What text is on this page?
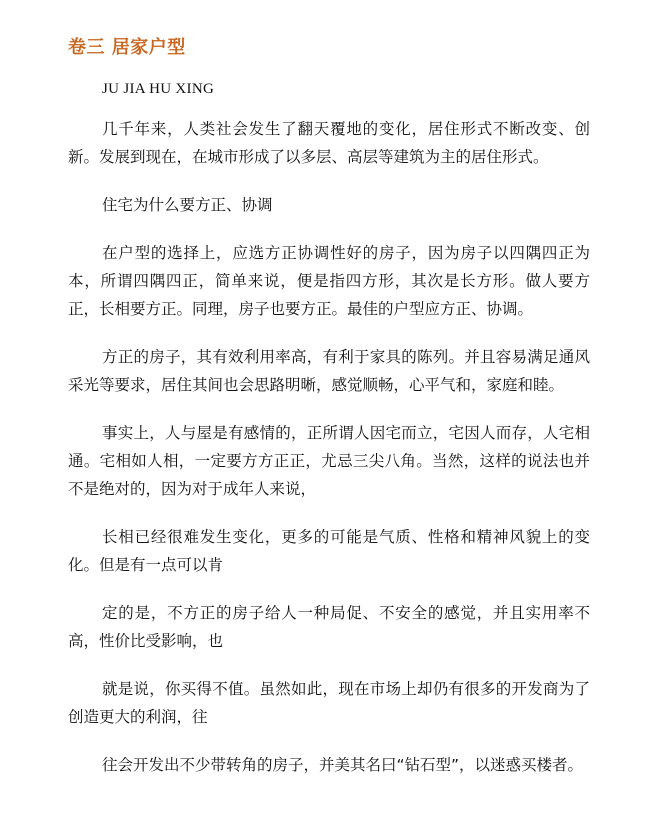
卷三 居家户型
JU JIA HU XING

几千年来，人类社会发生了翻天覆地的变化，居住形式不断改变、创新。发展到现在，在城市形成了以多层、高层等建筑为主的居住形式。

住宅为什么要方正、协调

在户型的选择上，应选方正协调性好的房子，因为房子以四隅四正为本，所谓四隅四正，简单来说，便是指四方形，其次是长方形。做人要方正，长相要方正。同理，房子也要方正。最佳的户型应方正、协调。

方正的房子，其有效利用率高，有利于家具的陈列。并且容易满足通风采光等要求，居住其间也会思路明晰，感觉顺畅，心平气和，家庭和睦。

事实上，人与屋是有感情的，正所谓人因宅而立，宅因人而存，人宅相通。宅相如人相，一定要方方正正，尤忌三尖八角。当然，这样的说法也并不是绝对的，因为对于成年人来说，

长相已经很难发生变化，更多的可能是气质、性格和精神风貌上的变化。但是有一点可以肯

定的是，不方正的房子给人一种局促、不安全的感觉，并且实用率不高，性价比受影响，也

就是说，你买得不值。虽然如此，现在市场上却仍有很多的开发商为了创造更大的利润，往

往会开发出不少带转角的房子，并美其名曰“钻石型”，以迷惑买楼者。
